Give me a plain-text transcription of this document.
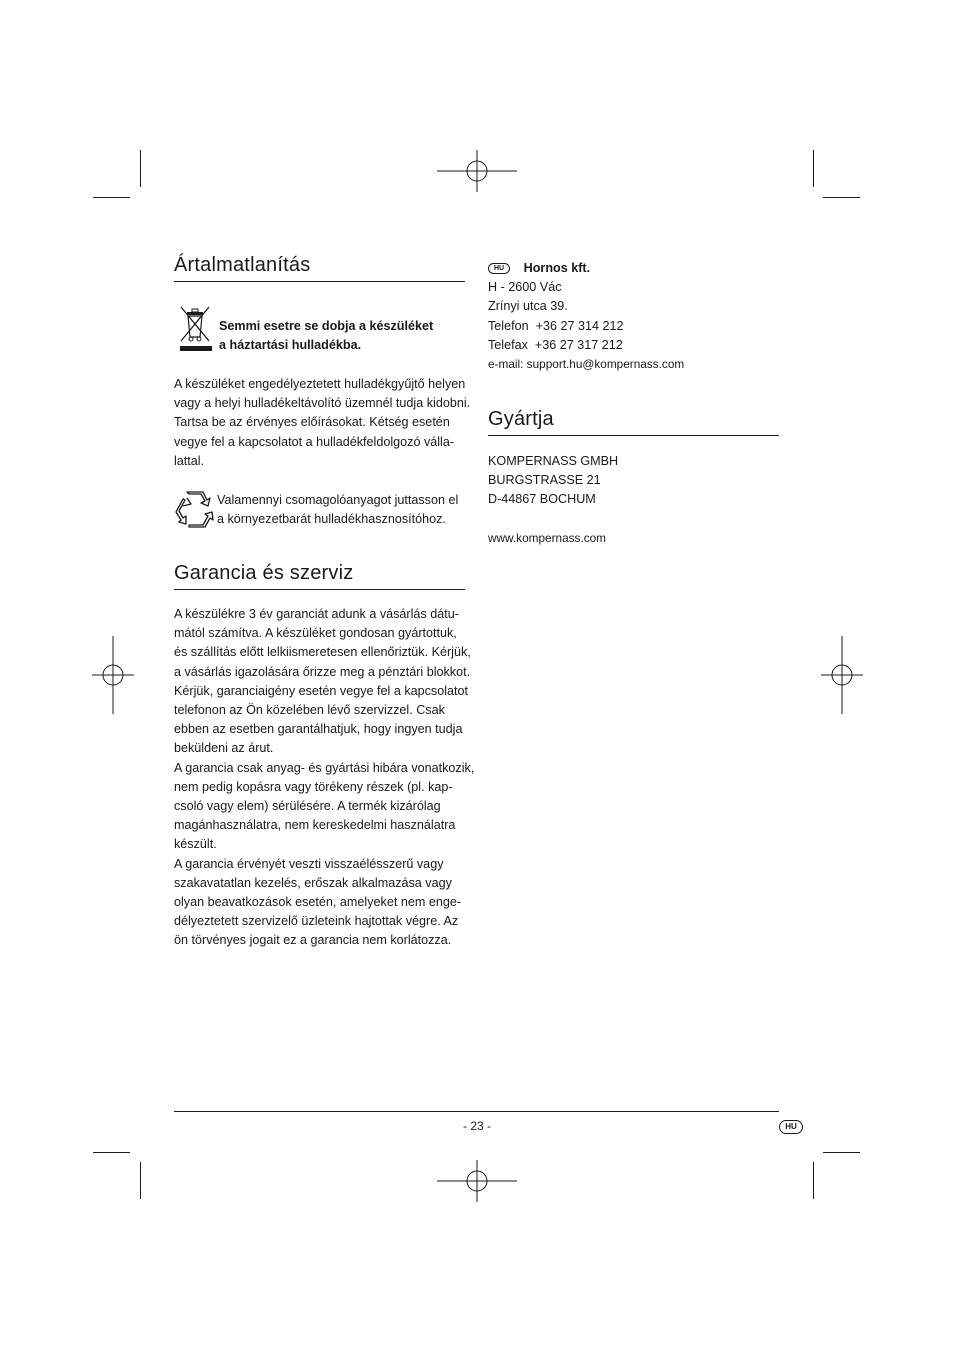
Ártalmatlanítás

Semmi esetre se dobja a készüléket
a háztartási hulladékba.

A készüléket engedélyeztetett hulladékgyűjtő helyen
vagy a helyi hulladékeltávolító üzemnél tudja kidobni.
Tartsa be az érvényes előírásokat. Kétség esetén
vegye fel a kapcsolatot a hulladékfeldolgozó válla-
lattal.

Valamennyi csomagolóanyagot juttasson el
a környezetbarát hulladékhasznosítóhoz.

Garancia és szerviz

A készülékre 3 év garanciát adunk a vásárlás dátu-
mától számítva. A készüléket gondosan gyártottuk,
és szállítás előtt lelkiismeretesen ellenőriztük. Kérjük,
a vásárlás igazolására őrizze meg a pénztári blokkot.
Kérjük, garanciaigény esetén vegye fel a kapcsolatot
telefonon az Ön közelében lévő szervizzel. Csak
ebben az esetben garantálhatjuk, hogy ingyen tudja
beküldeni az árut.
A garancia csak anyag- és gyártási hibára vonatkozik,
nem pedig kopásra vagy törékeny részek (pl. kap-
csoló vagy elem) sérülésére. A termék kizárólag
magánhasználatra, nem kereskedelmi használatra
készült.
A garancia érvényét veszti visszaélésszerű vagy
szakavatatlan kezelés, erőszak alkalmazása vagy
olyan beavatkozások esetén, amelyeket nem enge-
délyeztetett szervizelő üzleteink hajtottak végre. Az
ön törvényes jogait ez a garancia nem korlátozza.

HU Hornos kft.
H - 2600 Vác
Zrínyi utca 39.
Telefon +36 27 314 212
Telefax +36 27 317 212
e-mail: support.hu@kompernass.com
Gyártja

KOMPERNASS GMBH
BURGSTRASSE 21
D-44867 BOCHUM

www.kompernass.com

- 23 -	HU
